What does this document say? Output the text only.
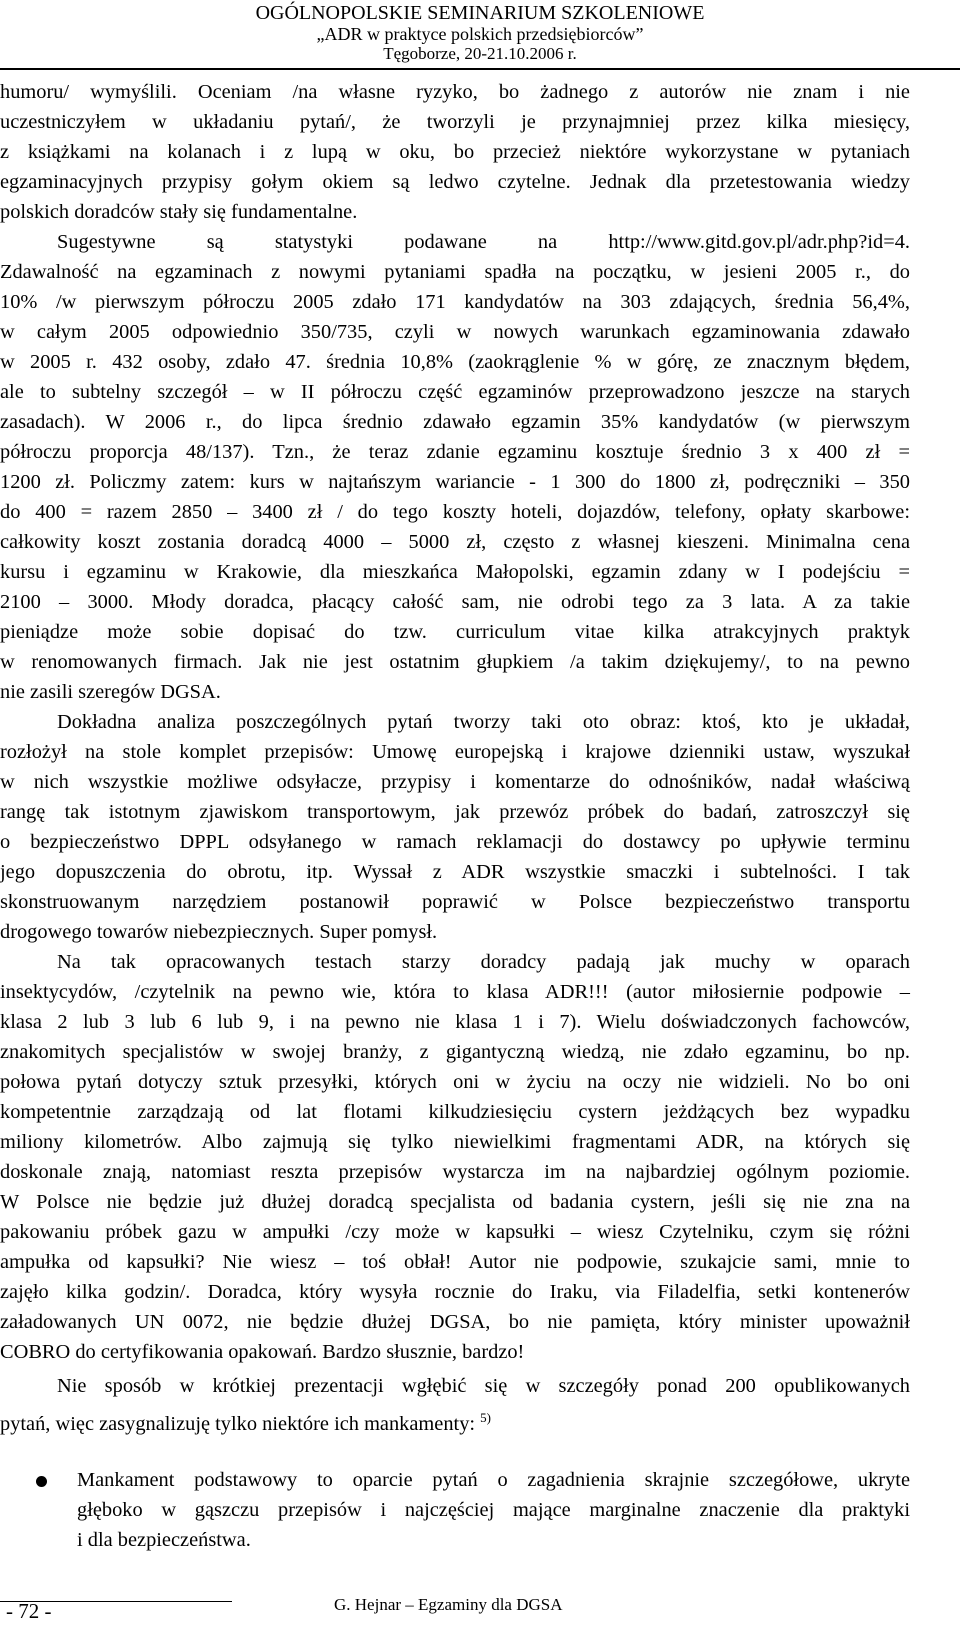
OGÓLNOPOLSKIE SEMINARIUM SZKOLENIOWE
„ADR w praktyce polskich przedsiębiorców”
Tęgoborze, 20-21.10.2006 r.
humoru/ wymyślili. Oceniam /na własne ryzyko, bo żadnego z autorów nie znam i nie
uczestniczyłem w układaniu pytań/, że tworzyli je przynajmniej przez kilka miesięcy,
z książkami na kolanach i z lupą w oku, bo przecież niektóre wykorzystane w pytaniach
egzaminacyjnych przypisy gołym okiem są ledwo czytelne. Jednak dla przetestowania wiedzy
polskich doradców stały się fundamentalne.
Sugestywne są statystyki podawane na http://www.gitd.gov.pl/adr.php?id=4.
Zdawalność na egzaminach z nowymi pytaniami spadła na początku, w jesieni 2005 r., do
10% /w pierwszym półroczu 2005 zdało 171 kandydatów na 303 zdających, średnia 56,4%,
w całym 2005 odpowiednio 350/735, czyli w nowych warunkach egzaminowania zdawało
w 2005 r. 432 osoby, zdało 47. średnia 10,8% (zaokrąglenie % w górę, ze znacznym błędem,
ale to subtelny szczegół – w II półroczu część egzaminów przeprowadzono jeszcze na starych
zasadach). W 2006 r., do lipca średnio zdawało egzamin 35% kandydatów (w pierwszym
półroczu proporcja 48/137). Tzn., że teraz zdanie egzaminu kosztuje średnio 3 x 400 zł =
1200 zł. Policzmy zatem: kurs w najtańszym wariancie - 1 300 do 1800 zł, podręczniki – 350
do 400 = razem 2850 – 3400 zł / do tego koszty hoteli, dojazdów, telefony, opłaty skarbowe:
całkowity koszt zostania doradcą 4000 – 5000 zł, często z własnej kieszeni. Minimalna cena
kursu i egzaminu w Krakowie, dla mieszkańca Małopolski, egzamin zdany w I podejściu =
2100 – 3000. Młody doradca, płacący całość sam, nie odrobi tego za 3 lata. A za takie
pieniądze może sobie dopisać do tzw. curriculum vitae kilka atrakcyjnych praktyk
w renomowanych firmach. Jak nie jest ostatnim głupkiem /a takim dziękujemy/, to na pewno
nie zasili szeregów DGSA.
Dokładna analiza poszczególnych pytań tworzy taki oto obraz: ktoś, kto je układał,
rozłożył na stole komplet przepisów: Umowę europejską i krajowe dzienniki ustaw, wyszukał
w nich wszystkie możliwe odsyłacze, przypisy i komentarze do odnośników, nadał właściwą
rangę tak istotnym zjawiskom transportowym, jak przewóz próbek do badań, zatroszczył się
o bezpieczeństwo DPPL odsyłanego w ramach reklamacji do dostawcy po upływie terminu
jego dopuszczenia do obrotu, itp. Wyssał z ADR wszystkie smaczki i subtelności. I tak
skonstruowanym narzędziem postanowił poprawić w Polsce bezpieczeństwo transportu
drogowego towarów niebezpiecznych. Super pomysł.
Na tak opracowanych testach starzy doradcy padają jak muchy w oparach
insektycydów, /czytelnik na pewno wie, która to klasa ADR!!! (autor miłosiernie podpowie –
klasa 2 lub 3 lub 6 lub 9, i na pewno nie klasa 1 i 7). Wielu doświadczonych fachowców,
znakomitych specjalistów w swojej branży, z gigantyczną wiedzą, nie zdało egzaminu, bo np.
połowa pytań dotyczy sztuk przesyłki, których oni w życiu na oczy nie widzieli. No bo oni
kompetentnie zarządzają od lat flotami kilkudziesięciu cystern jeżdżących bez wypadku
miliony kilometrów. Albo zajmują się tylko niewielkimi fragmentami ADR, na których się
doskonale znają, natomiast reszta przepisów wystarcza im na najbardziej ogólnym poziomie.
W Polsce nie będzie już dłużej doradcą specjalista od badania cystern, jeśli się nie zna na
pakowaniu próbek gazu w ampułki /czy może w kapsułki – wiesz Czytelniku, czym się różni
ampułka od kapsułki? Nie wiesz – toś obłał! Autor nie podpowie, szukajcie sami, mnie to
zajęło kilka godzin/. Doradca, który wysyła rocznie do Iraku, via Filadelfia, setki kontenerów
załadowanych UN 0072, nie będzie dłużej DGSA, bo nie pamięta, który minister upoważnił
COBRO do certyfikowania opakowań. Bardzo słusznie, bardzo!
Nie sposób w krótkiej prezentacji wgłębić się w szczegóły ponad 200 opublikowanych
pytań, więc zasygnalizuję tylko niektóre ich mankamenty: $^{5)}$
Mankament podstawowy to oparcie pytań o zagadnienia skrajnie szczegółowe, ukryte
głęboko w gąszczu przepisów i najczęściej mające marginalne znaczenie dla praktyki
i dla bezpieczeństwa.
- 72 -	G. Hejnar – Egzaminy dla DGSA
